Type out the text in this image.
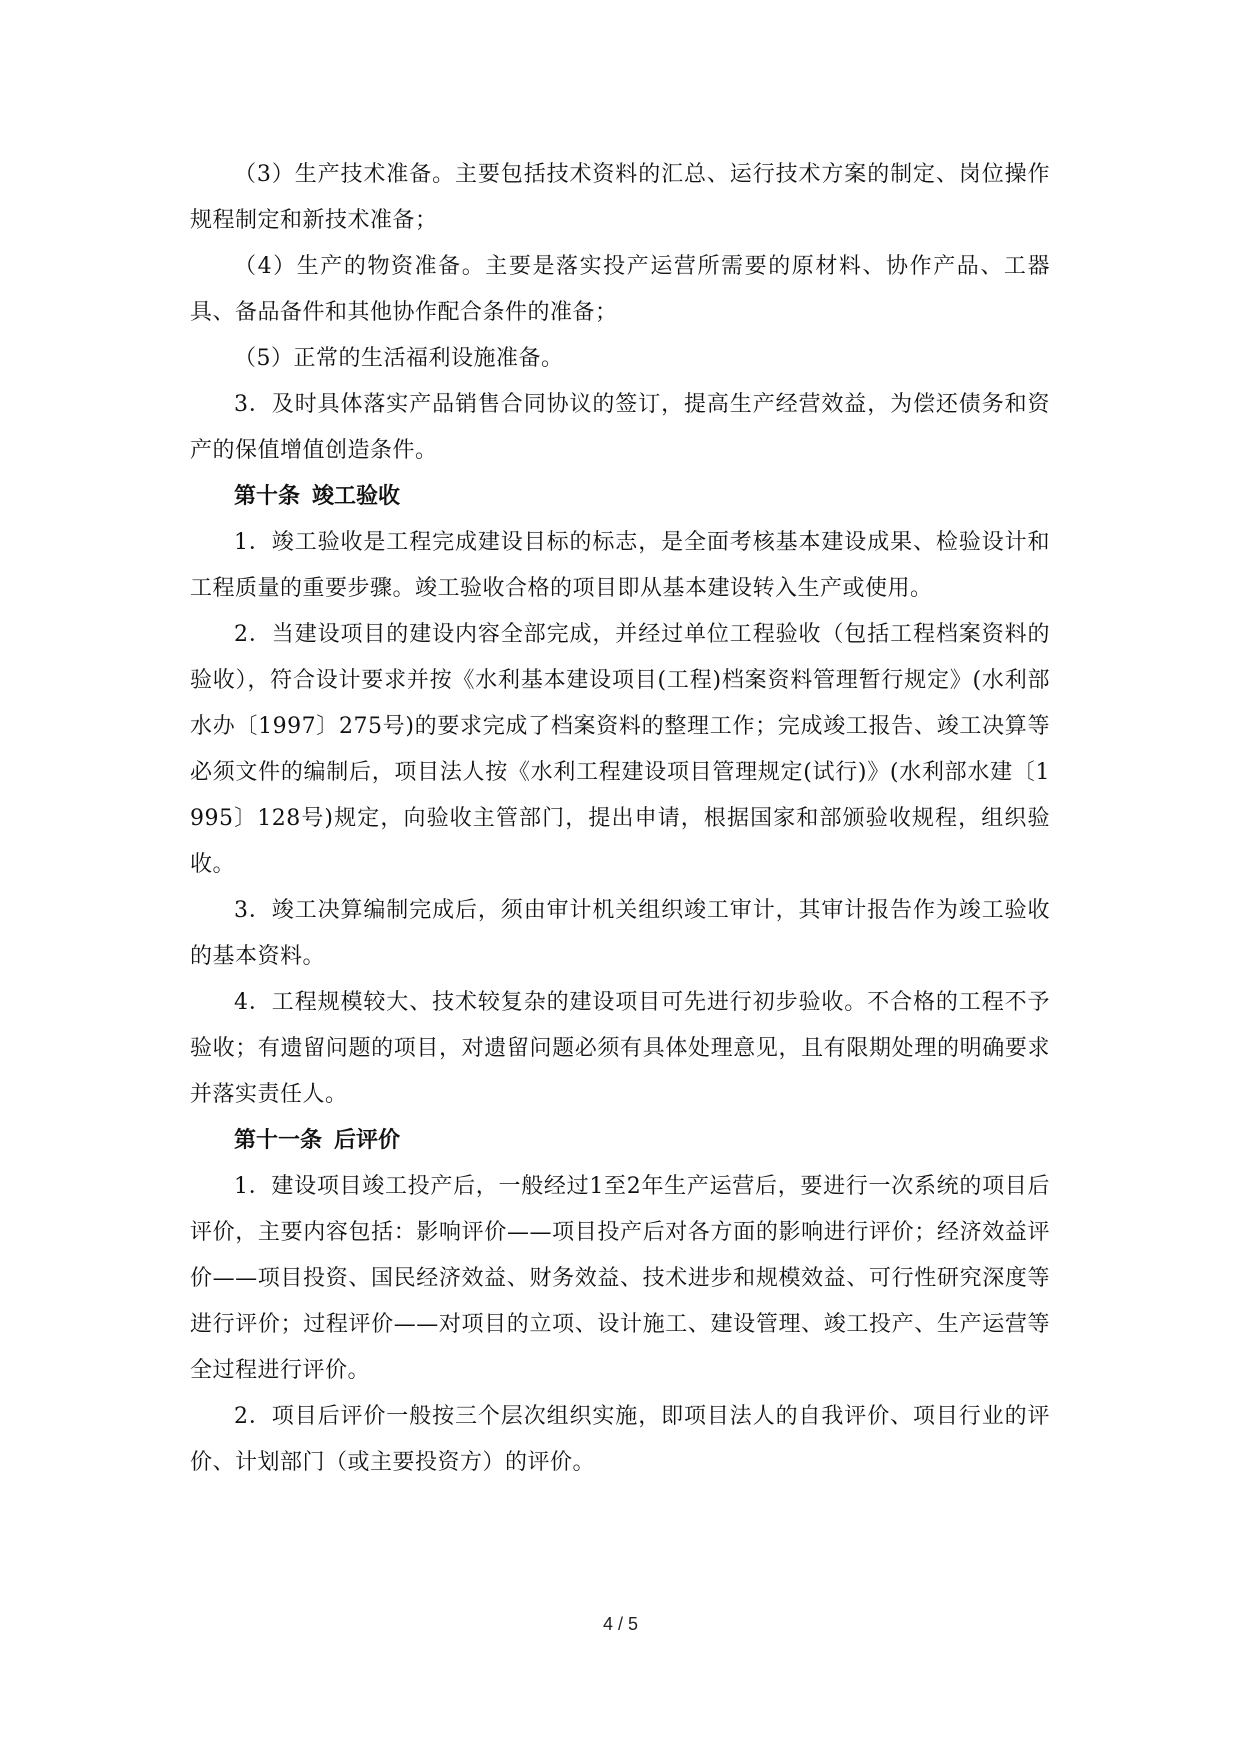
（3）生产技术准备。主要包括技术资料的汇总、运行技术方案的制定、岗位操作规程制定和新技术准备；

（4）生产的物资准备。主要是落实投产运营所需要的原材料、协作产品、工器具、备品备件和其他协作配合条件的准备；

（5）正常的生活福利设施准备。

3．及时具体落实产品销售合同协议的签订，提高生产经营效益，为偿还债务和资产的保值增值创造条件。

第十条 竣工验收

1．竣工验收是工程完成建设目标的标志，是全面考核基本建设成果、检验设计和工程质量的重要步骤。竣工验收合格的项目即从基本建设转入生产或使用。

2．当建设项目的建设内容全部完成，并经过单位工程验收（包括工程档案资料的验收），符合设计要求并按《水利基本建设项目(工程)档案资料管理暂行规定》(水利部水办〔1997〕275号)的要求完成了档案资料的整理工作；完成竣工报告、竣工决算等必须文件的编制后，项目法人按《水利工程建设项目管理规定(试行)》(水利部水建〔1995〕128号)规定，向验收主管部门，提出申请，根据国家和部颁验收规程，组织验收。

3．竣工决算编制完成后，须由审计机关组织竣工审计，其审计报告作为竣工验收的基本资料。

4．工程规模较大、技术较复杂的建设项目可先进行初步验收。不合格的工程不予验收；有遗留问题的项目，对遗留问题必须有具体处理意见，且有限期处理的明确要求并落实责任人。

第十一条 后评价

1．建设项目竣工投产后，一般经过1至2年生产运营后，要进行一次系统的项目后评价，主要内容包括：影响评价——项目投产后对各方面的影响进行评价；经济效益评价——项目投资、国民经济效益、财务效益、技术进步和规模效益、可行性研究深度等进行评价；过程评价——对项目的立项、设计施工、建设管理、竣工投产、生产运营等全过程进行评价。

2．项目后评价一般按三个层次组织实施，即项目法人的自我评价、项目行业的评价、计划部门（或主要投资方）的评价。

4 / 5
